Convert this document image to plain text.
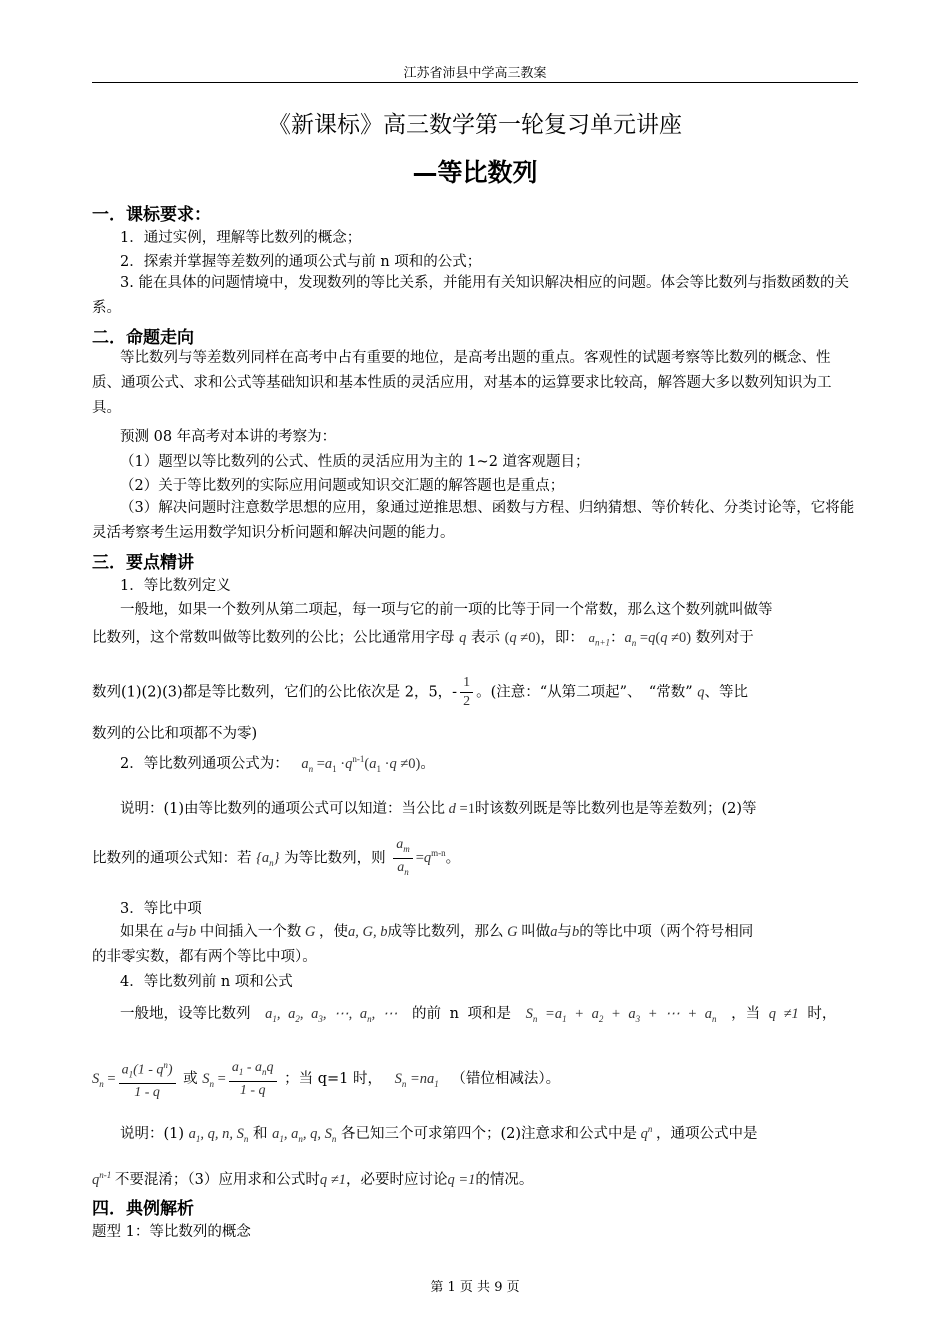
江苏省沛县中学高三教案
《新课标》高三数学第一轮复习单元讲座
—等比数列
一．课标要求：
1．通过实例，理解等比数列的概念；
2．探索并掌握等差数列的通项公式与前 n 项和的公式；
3. 能在具体的问题情境中，发现数列的等比关系，并能用有关知识解决相应的问题。体会等比数列与指数函数的关系。
二．命题走向
等比数列与等差数列同样在高考中占有重要的地位，是高考出题的重点。客观性的试题考察等比数列的概念、性质、通项公式、求和公式等基础知识和基本性质的灵活应用，对基本的运算要求比较高，解答题大多以数列知识为工具。
预测 08 年高考对本讲的考察为：
（1）题型以等比数列的公式、性质的灵活应用为主的 1~2 道客观题目；
（2）关于等比数列的实际应用问题或知识交汇题的解答题也是重点；
（3）解决问题时注意数学思想的应用，象通过逆推思想、函数与方程、归纳猜想、等价转化、分类讨论等，它将能灵活考察考生运用数学知识分析问题和解决问题的能力。
三．要点精讲
1．等比数列定义
一般地，如果一个数列从第二项起，每一项与它的前一项的比等于同一个常数，那么这个数列就叫做等
比数列，这个常数叫做等比数列的公比；公比通常用字母 q 表示 (q ≠0)，即： $a_{n+1}$：$a_n =q(q \ne 0)$ 数列对于
数列(1)(2)(3)都是等比数列，它们的公比依次是 2，5，- $\frac{1}{2}$ 。(注意：“从第二项起”、　“常数” q、等比
数列的公比和项都不为零)
2．等比数列通项公式为： $a_n =a_1 \cdot q^{n-1}(a_1 \cdot q \ne 0)$。
说明：(1)由等比数列的通项公式可以知道：当公比 d =1时该数列既是等比数列也是等差数列；(2)等
比数列的通项公式知：若 $\{a_n\}$ 为等比数列，则 $\frac{a_m}{a_n} =q^{m-n}$。
3．等比中项
如果在 a与b 中间插入一个数 G ，使a, G, b成等比数列，那么 G 叫做a与b的等比中项（两个符号相同
的非零实数，都有两个等比中项）。
4．等比数列前 n 项和公式
一般地，设等比数列 $a_1$, $a_2$, $a_3$, ⋯, $a_n$, ⋯ 的前 n 项和是 $S_n =a_1 + a_2 + a_3$ + ⋯ + $a_n$ ，当 q ≠1 时，
$S_n = \frac{a_1(1 - q^n)}{1 - q}$ 或 $S_n = \frac{a_1 - a_nq}{1 - q}$ ；当 q=1 时， $S_n =na_1$ （错位相减法）。
说明：(1) $a_1$, q, n, $S_n$ 和 $a_1$, $a_n$, q, $S_n$ 各已知三个可求第四个；(2)注意求和公式中是 $q^n$ ，通项公式中是
$q^{n-1}$ 不要混淆；（3）应用求和公式时q ≠1，必要时应讨论q =1的情况。
四．典例解析
题型 1：等比数列的概念
第 1 页 共 9 页
